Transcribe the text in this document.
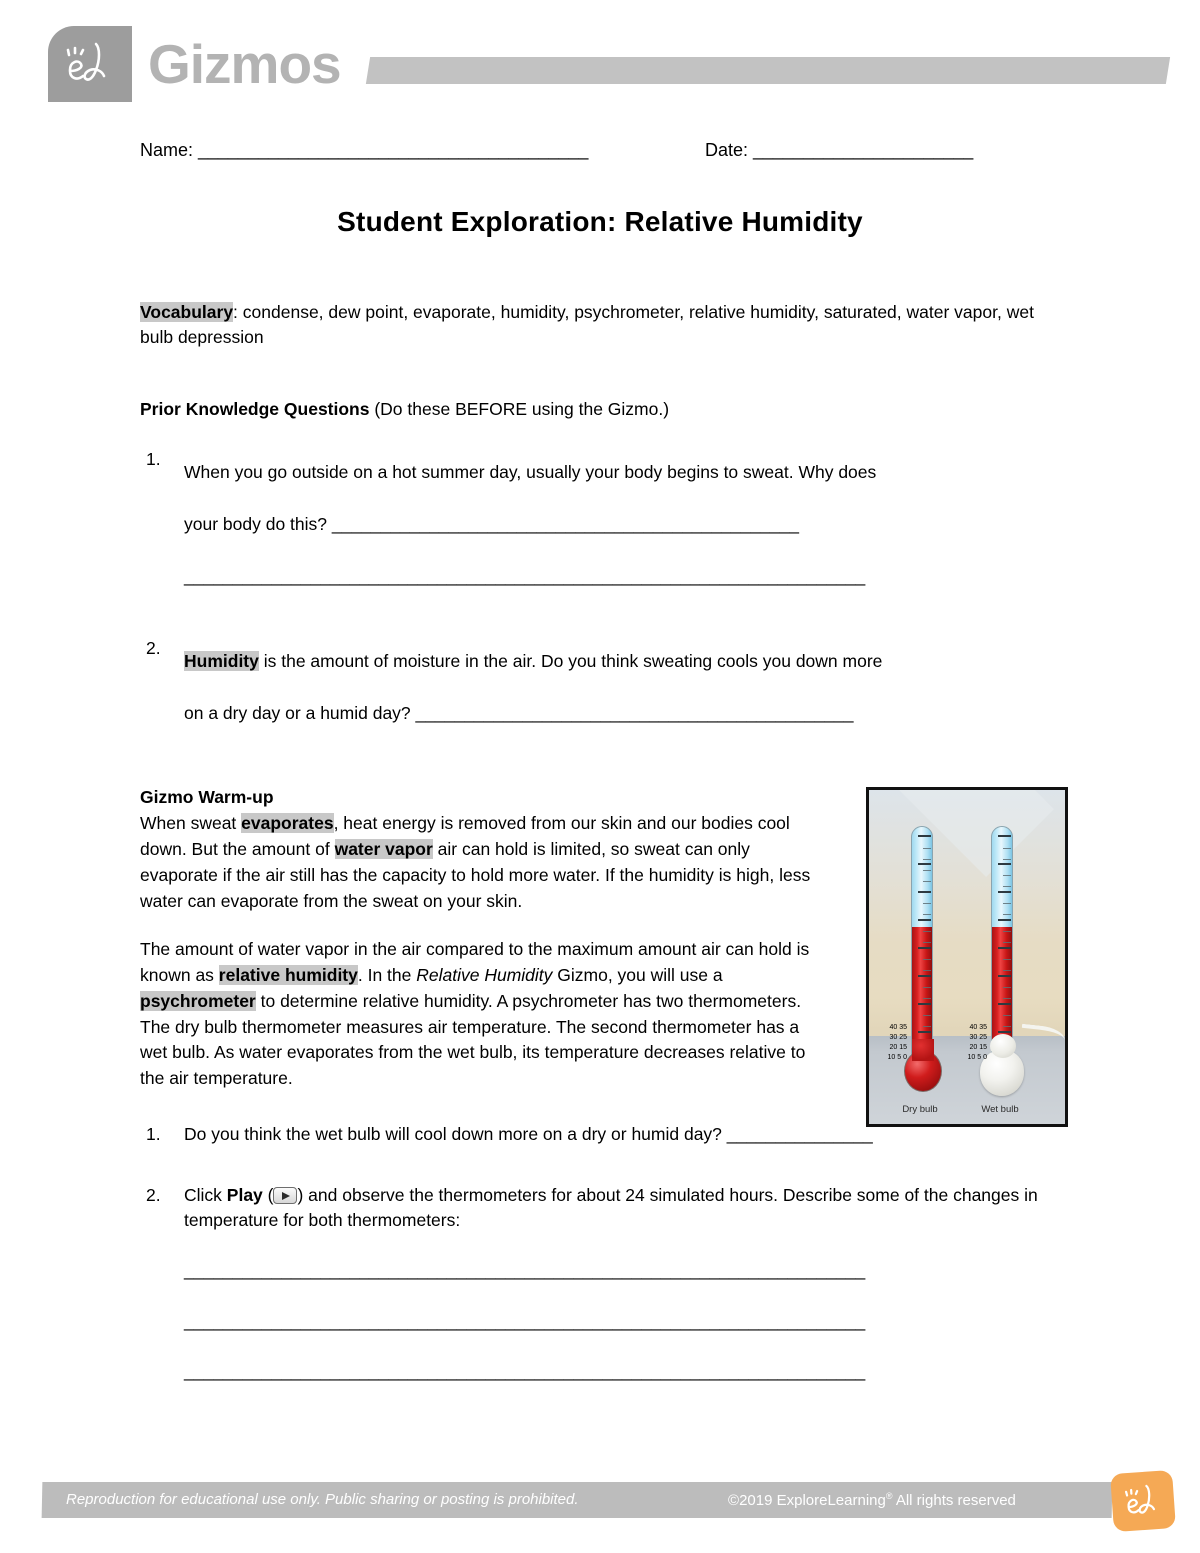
Gizmos
Name: _______________________________________	Date: ______________________
Student Exploration: Relative Humidity
Vocabulary: condense, dew point, evaporate, humidity, psychrometer, relative humidity, saturated, water vapor, wet bulb depression
Prior Knowledge Questions (Do these BEFORE using the Gizmo.)
1.
When you go outside on a hot summer day, usually your body begins to sweat. Why does
your body do this? ________________________________________________
______________________________________________________________________
2.
Humidity is the amount of moisture in the air. Do you think sweating cools you down more
on a dry day or a humid day? _____________________________________________
40 35 30 25 20 15 10 5 0
40 35 30 25 20 15 10 5 0
Dry bulb	Wet bulb

Gizmo Warm-up
When sweat evaporates, heat energy is removed from our skin and our bodies cool down. But the amount of water vapor air can hold is limited, so sweat can only evaporate if the air still has the capacity to hold more water. If the humidity is high, less water can evaporate from the sweat on your skin.

The amount of water vapor in the air compared to the maximum amount air can hold is known as relative humidity. In the Relative Humidity Gizmo, you will use a psychrometer to determine relative humidity. A psychrometer has two thermometers. The dry bulb thermometer measures air temperature. The second thermometer has a wet bulb. As water evaporates from the wet bulb, its temperature decreases relative to the air temperature.

1. Do you think the wet bulb will cool down more on a dry or humid day? _______________
2. Click Play ( ) and observe the thermometers for about 24 simulated hours. Describe some of the changes in temperature for both thermometers:
______________________________________________________________________
______________________________________________________________________
______________________________________________________________________
Reproduction for educational use only. Public sharing or posting is prohibited.	©2019 ExploreLearning® All rights reserved
